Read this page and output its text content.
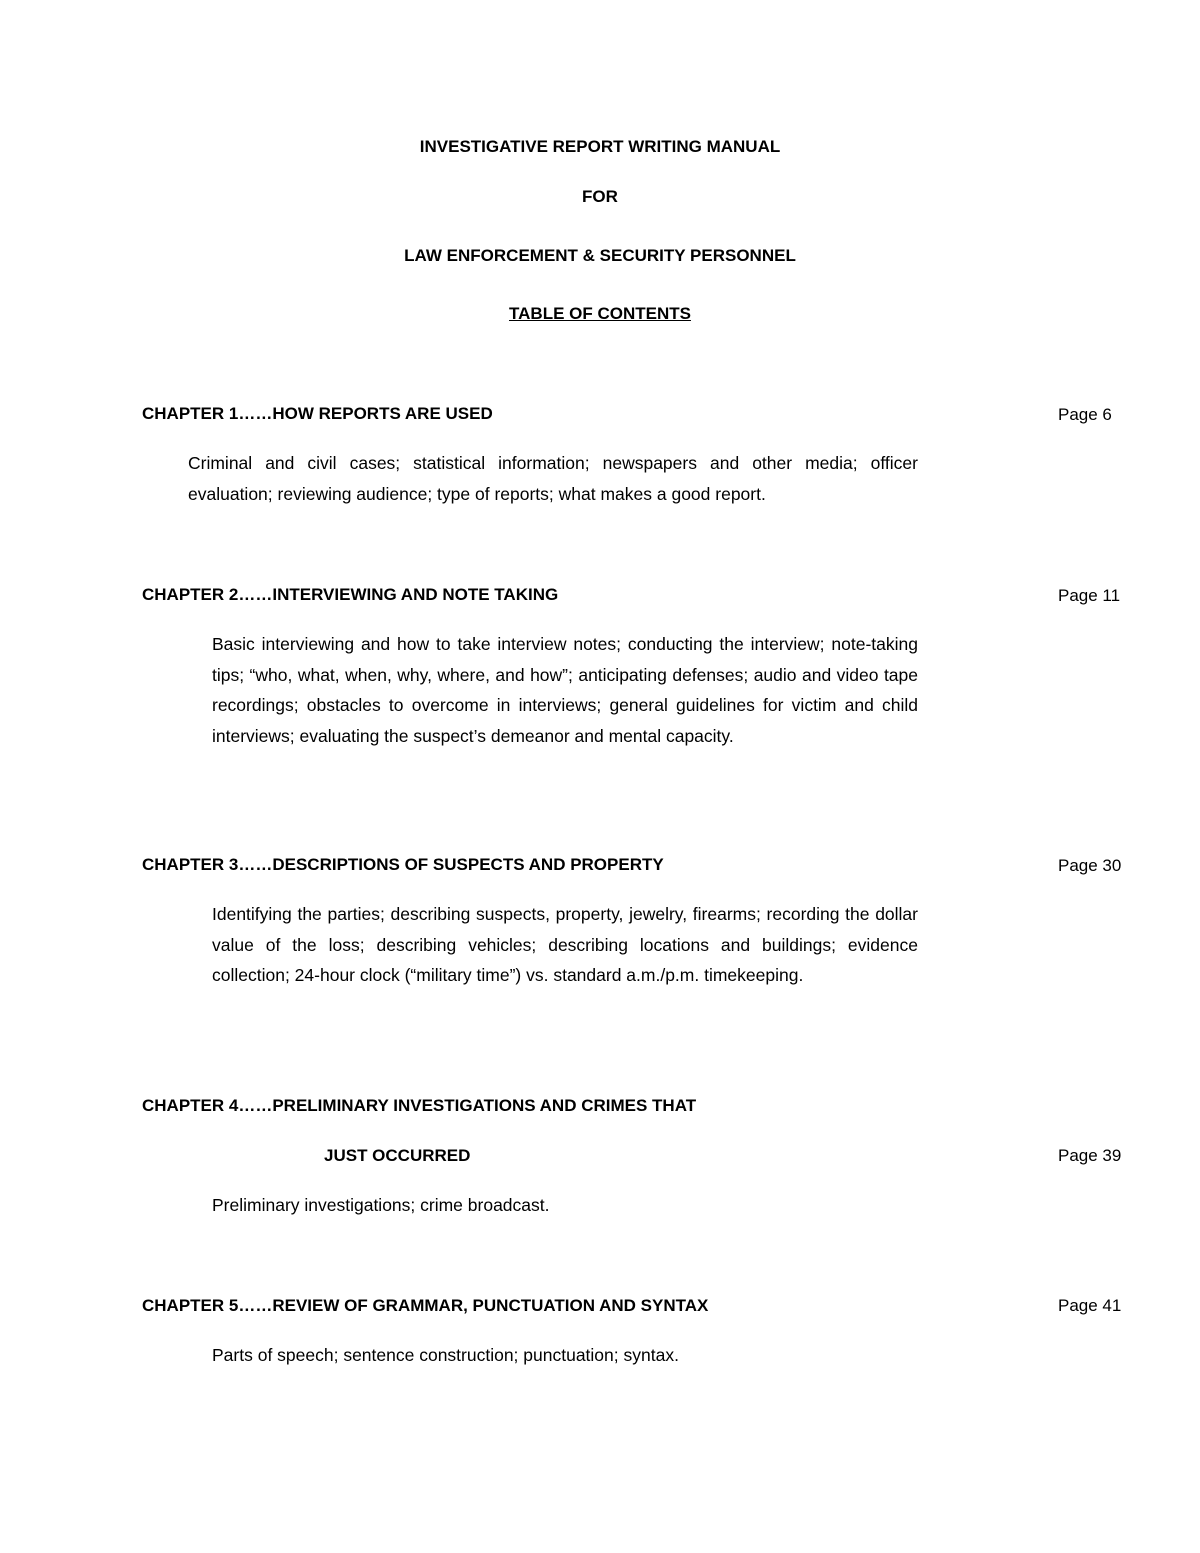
INVESTIGATIVE REPORT WRITING MANUAL
FOR
LAW ENFORCEMENT & SECURITY PERSONNEL
TABLE OF CONTENTS
CHAPTER 1……HOW REPORTS ARE USED	Page 6
Criminal and civil cases; statistical information; newspapers and other media; officer evaluation; reviewing audience; type of reports; what makes a good report.
CHAPTER 2……INTERVIEWING AND NOTE TAKING	Page 11
Basic interviewing and how to take interview notes; conducting the interview; note-taking tips; “who, what, when, why, where, and how”; anticipating defenses; audio and video tape recordings; obstacles to overcome in interviews; general guidelines for victim and child interviews; evaluating the suspect’s demeanor and mental capacity.
CHAPTER 3……DESCRIPTIONS OF SUSPECTS AND PROPERTY	Page 30
Identifying the parties; describing suspects, property, jewelry, firearms; recording the dollar value of the loss; describing vehicles; describing locations and buildings; evidence collection; 24-hour clock (“military time”) vs. standard a.m./p.m. timekeeping.
CHAPTER 4……PRELIMINARY INVESTIGATIONS AND CRIMES THAT
JUST OCCURRED	Page 39
Preliminary investigations; crime broadcast.
CHAPTER 5……REVIEW OF GRAMMAR, PUNCTUATION AND SYNTAX	Page 41
Parts of speech; sentence construction; punctuation; syntax.
